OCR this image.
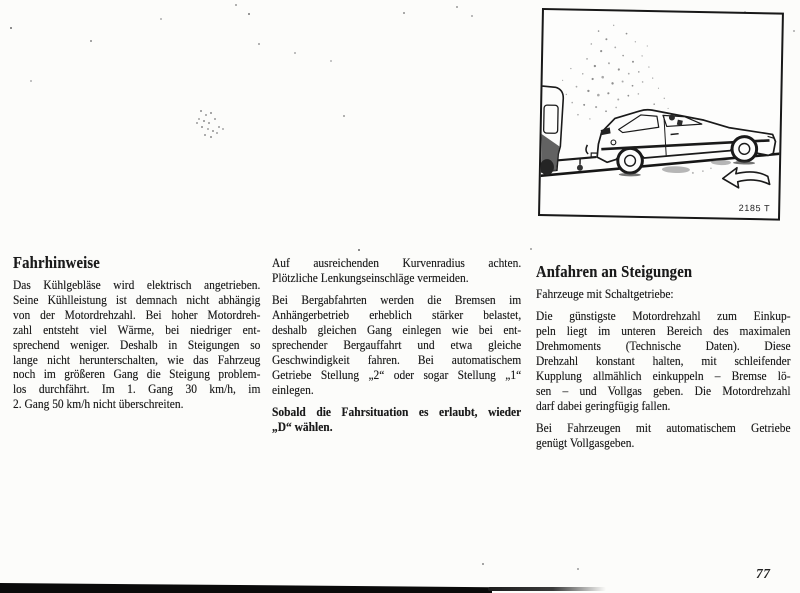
2185 T
Fahrhinweise
Das Kühlgebläse wird elektrisch angetrieben.
Seine Kühlleistung ist demnach nicht abhängig
von der Motordrehzahl. Bei hoher Motordreh-
zahl entsteht viel Wärme, bei niedriger ent-
sprechend weniger. Deshalb in Steigungen so
lange nicht herunterschalten, wie das Fahrzeug
noch im größeren Gang die Steigung problem-
los durchfährt. Im 1. Gang 30 km/h, im
2. Gang 50 km/h nicht überschreiten.
Auf ausreichenden Kurvenradius achten.
Plötzliche Lenkungseinschläge vermeiden.
Bei Bergabfahrten werden die Bremsen im
Anhängerbetrieb erheblich stärker belastet,
deshalb gleichen Gang einlegen wie bei ent-
sprechender Bergauffahrt und etwa gleiche
Geschwindigkeit fahren. Bei automatischem
Getriebe Stellung „2“ oder sogar Stellung „1“
einlegen.
Sobald die Fahrsituation es erlaubt, wieder
„D“ wählen.
Anfahren an Steigungen
Fahrzeuge mit Schaltgetriebe:
Die günstigste Motordrehzahl zum Einkup-
peln liegt im unteren Bereich des maximalen
Drehmoments (Technische Daten). Diese
Drehzahl konstant halten, mit schleifender
Kupplung allmählich einkuppeln – Bremse lö-
sen – und Vollgas geben. Die Motordrehzahl
darf dabei geringfügig fallen.
Bei Fahrzeugen mit automatischem Getriebe
genügt Vollgasgeben.
77
